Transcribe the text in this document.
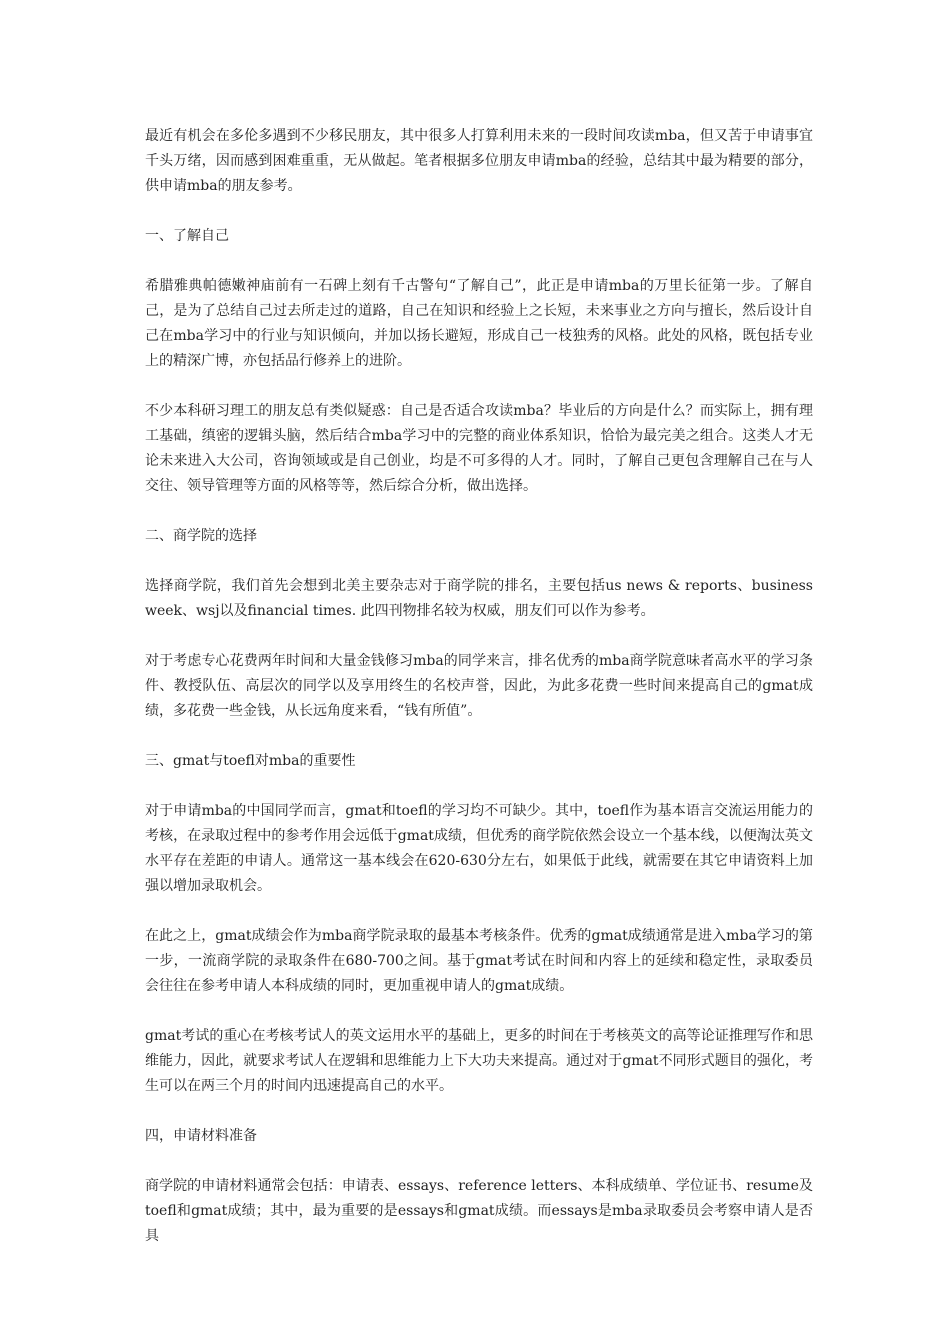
最近有机会在多伦多遇到不少移民朋友，其中很多人打算利用未来的一段时间攻读mba，但又苦于申请事宜千头万绪，因而感到困难重重，无从做起。笔者根据多位朋友申请mba的经验，总结其中最为精要的部分，供申请mba的朋友参考。

一、了解自己

希腊雅典帕德嫩神庙前有一石碑上刻有千古警句“了解自己”，此正是申请mba的万里长征第一步。了解自己，是为了总结自己过去所走过的道路，自己在知识和经验上之长短，未来事业之方向与擅长，然后设计自己在mba学习中的行业与知识倾向，并加以扬长避短，形成自己一枝独秀的风格。此处的风格，既包括专业上的精深广博，亦包括品行修养上的进阶。

不少本科研习理工的朋友总有类似疑惑：自己是否适合攻读mba？毕业后的方向是什么？而实际上，拥有理工基础，缜密的逻辑头脑，然后结合mba学习中的完整的商业体系知识，恰恰为最完美之组合。这类人才无论未来进入大公司，咨询领域或是自己创业，均是不可多得的人才。同时，了解自己更包含理解自己在与人交往、领导管理等方面的风格等等，然后综合分析，做出选择。

二、商学院的选择

选择商学院，我们首先会想到北美主要杂志对于商学院的排名，主要包括us news & reports、business week、wsj以及financial times. 此四刊物排名较为权威，朋友们可以作为参考。

对于考虑专心花费两年时间和大量金钱修习mba的同学来言，排名优秀的mba商学院意味者高水平的学习条件、教授队伍、高层次的同学以及享用终生的名校声誉，因此，为此多花费一些时间来提高自己的gmat成绩，多花费一些金钱，从长远角度来看，“钱有所值”。

三、gmat与toefl对mba的重要性

对于申请mba的中国同学而言，gmat和toefl的学习均不可缺少。其中，toefl作为基本语言交流运用能力的考核，在录取过程中的参考作用会远低于gmat成绩，但优秀的商学院依然会设立一个基本线，以便淘汰英文水平存在差距的申请人。通常这一基本线会在620-630分左右，如果低于此线，就需要在其它申请资料上加强以增加录取机会。

在此之上，gmat成绩会作为mba商学院录取的最基本考核条件。优秀的gmat成绩通常是进入mba学习的第一步，一流商学院的录取条件在680-700之间。基于gmat考试在时间和内容上的延续和稳定性，录取委员会往往在参考申请人本科成绩的同时，更加重视申请人的gmat成绩。

gmat考试的重心在考核考试人的英文运用水平的基础上，更多的时间在于考核英文的高等论证推理写作和思维能力，因此，就要求考试人在逻辑和思维能力上下大功夫来提高。通过对于gmat不同形式题目的强化，考生可以在两三个月的时间内迅速提高自己的水平。

四，申请材料准备

商学院的申请材料通常会包括：申请表、essays、reference letters、本科成绩单、学位证书、resume及toefl和gmat成绩；其中，最为重要的是essays和gmat成绩。而essays是mba录取委员会考察申请人是否具
